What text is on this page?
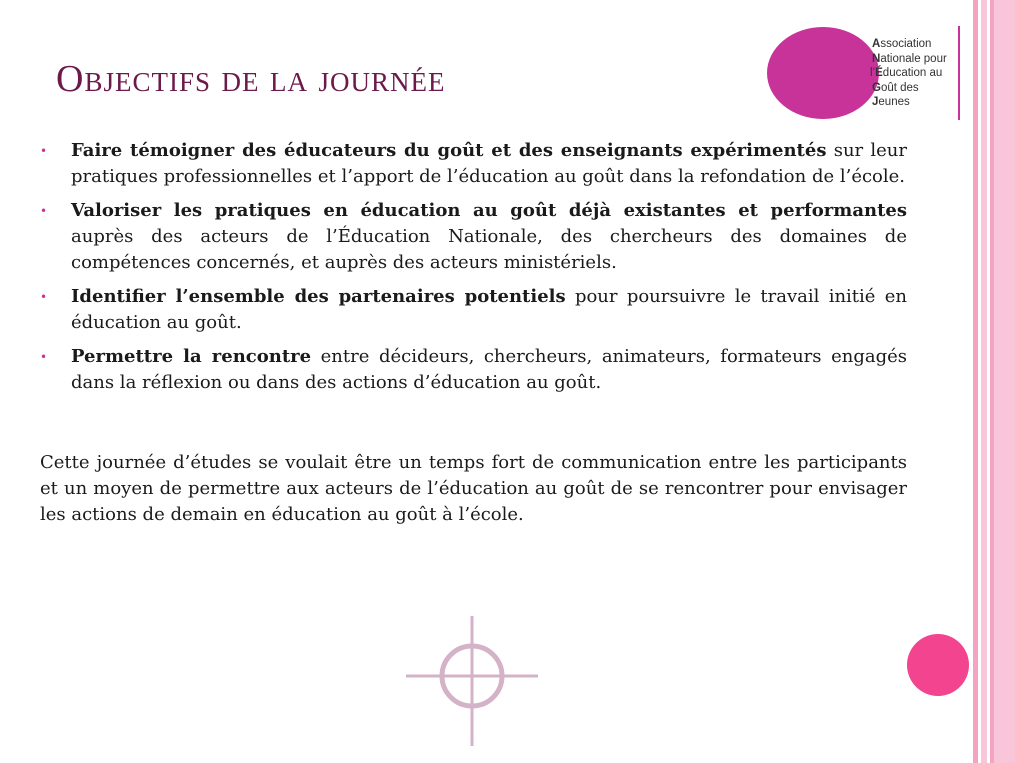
Objectifs de la journée
Association
Nationale pour
l’Éducation au
Goût des
Jeunes
• Faire témoigner des éducateurs du goût et des enseignants expérimentés sur leur pratiques professionnelles et l’apport de l’éducation au goût dans la refondation de l’école.
• Valoriser les pratiques en éducation au goût déjà existantes et performantes auprès des acteurs de l’Éducation Nationale, des chercheurs des domaines de compétences concernés, et auprès des acteurs ministériels.
• Identifier l’ensemble des partenaires potentiels pour poursuivre le travail initié en éducation au goût.
• Permettre la rencontre entre décideurs, chercheurs, animateurs, formateurs engagés dans la réflexion ou dans des actions d’éducation au goût.

Cette journée d’études se voulait être un temps fort de communication entre les participants et un moyen de permettre aux acteurs de l’éducation au goût de se rencontrer pour envisager les actions de demain en éducation au goût à l’école.
